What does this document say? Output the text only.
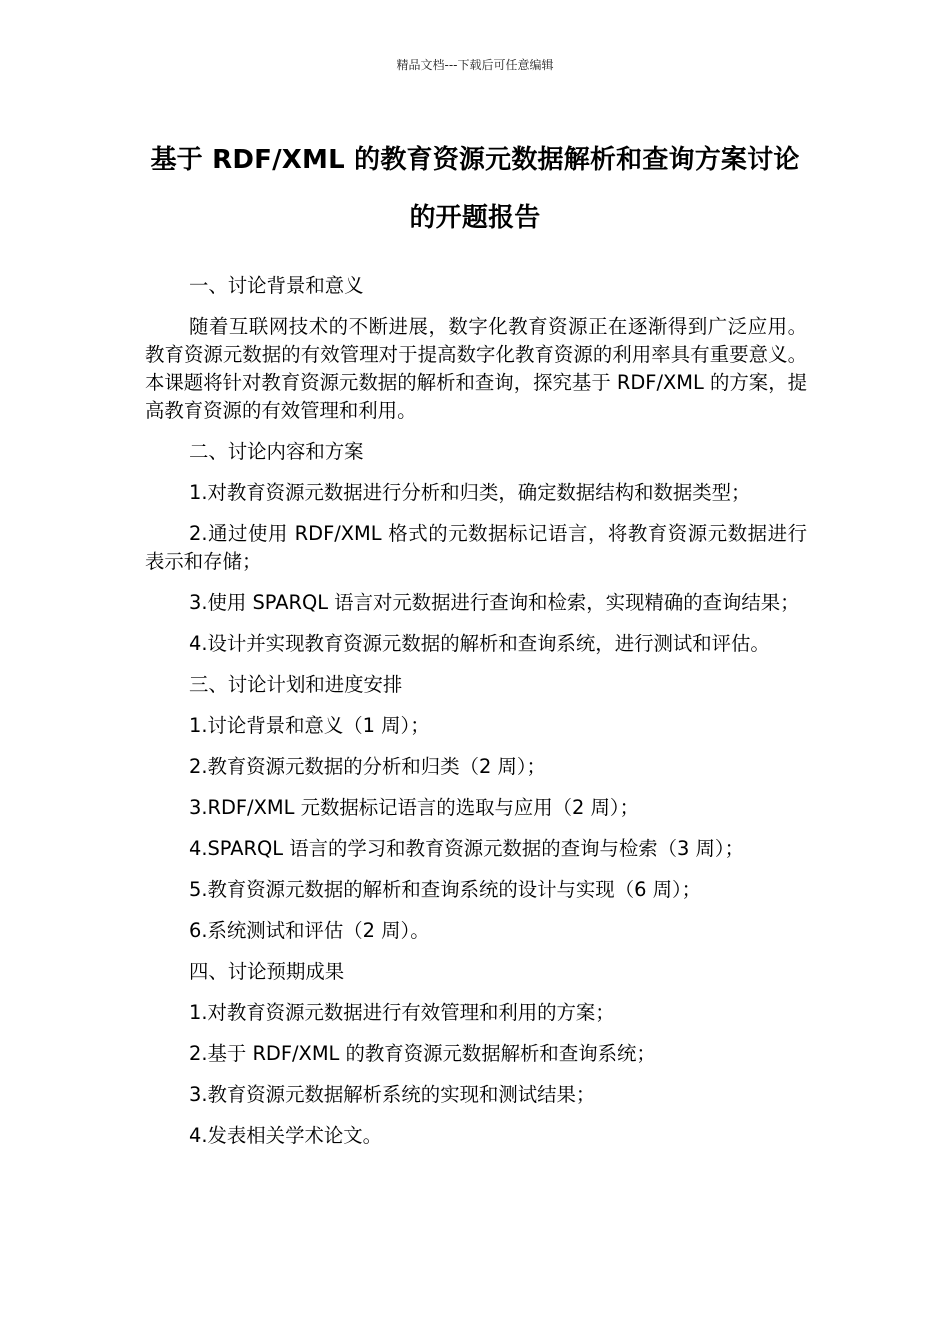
精品文档---下载后可任意编辑
基于 RDF/XML 的教育资源元数据解析和查询方案讨论的开题报告

一、讨论背景和意义

随着互联网技术的不断进展，数字化教育资源正在逐渐得到广泛应用。教育资源元数据的有效管理对于提高数字化教育资源的利用率具有重要意义。本课题将针对教育资源元数据的解析和查询，探究基于 RDF/XML 的方案，提高教育资源的有效管理和利用。

二、讨论内容和方案

1.对教育资源元数据进行分析和归类，确定数据结构和数据类型；

2.通过使用 RDF/XML 格式的元数据标记语言，将教育资源元数据进行表示和存储；

3.使用 SPARQL 语言对元数据进行查询和检索，实现精确的查询结果；

4.设计并实现教育资源元数据的解析和查询系统，进行测试和评估。

三、讨论计划和进度安排

1.讨论背景和意义（1 周）；

2.教育资源元数据的分析和归类（2 周）；

3.RDF/XML 元数据标记语言的选取与应用（2 周）；

4.SPARQL 语言的学习和教育资源元数据的查询与检索（3 周）；

5.教育资源元数据的解析和查询系统的设计与实现（6 周）；

6.系统测试和评估（2 周）。

四、讨论预期成果

1.对教育资源元数据进行有效管理和利用的方案；

2.基于 RDF/XML 的教育资源元数据解析和查询系统；

3.教育资源元数据解析系统的实现和测试结果；

4.发表相关学术论文。
